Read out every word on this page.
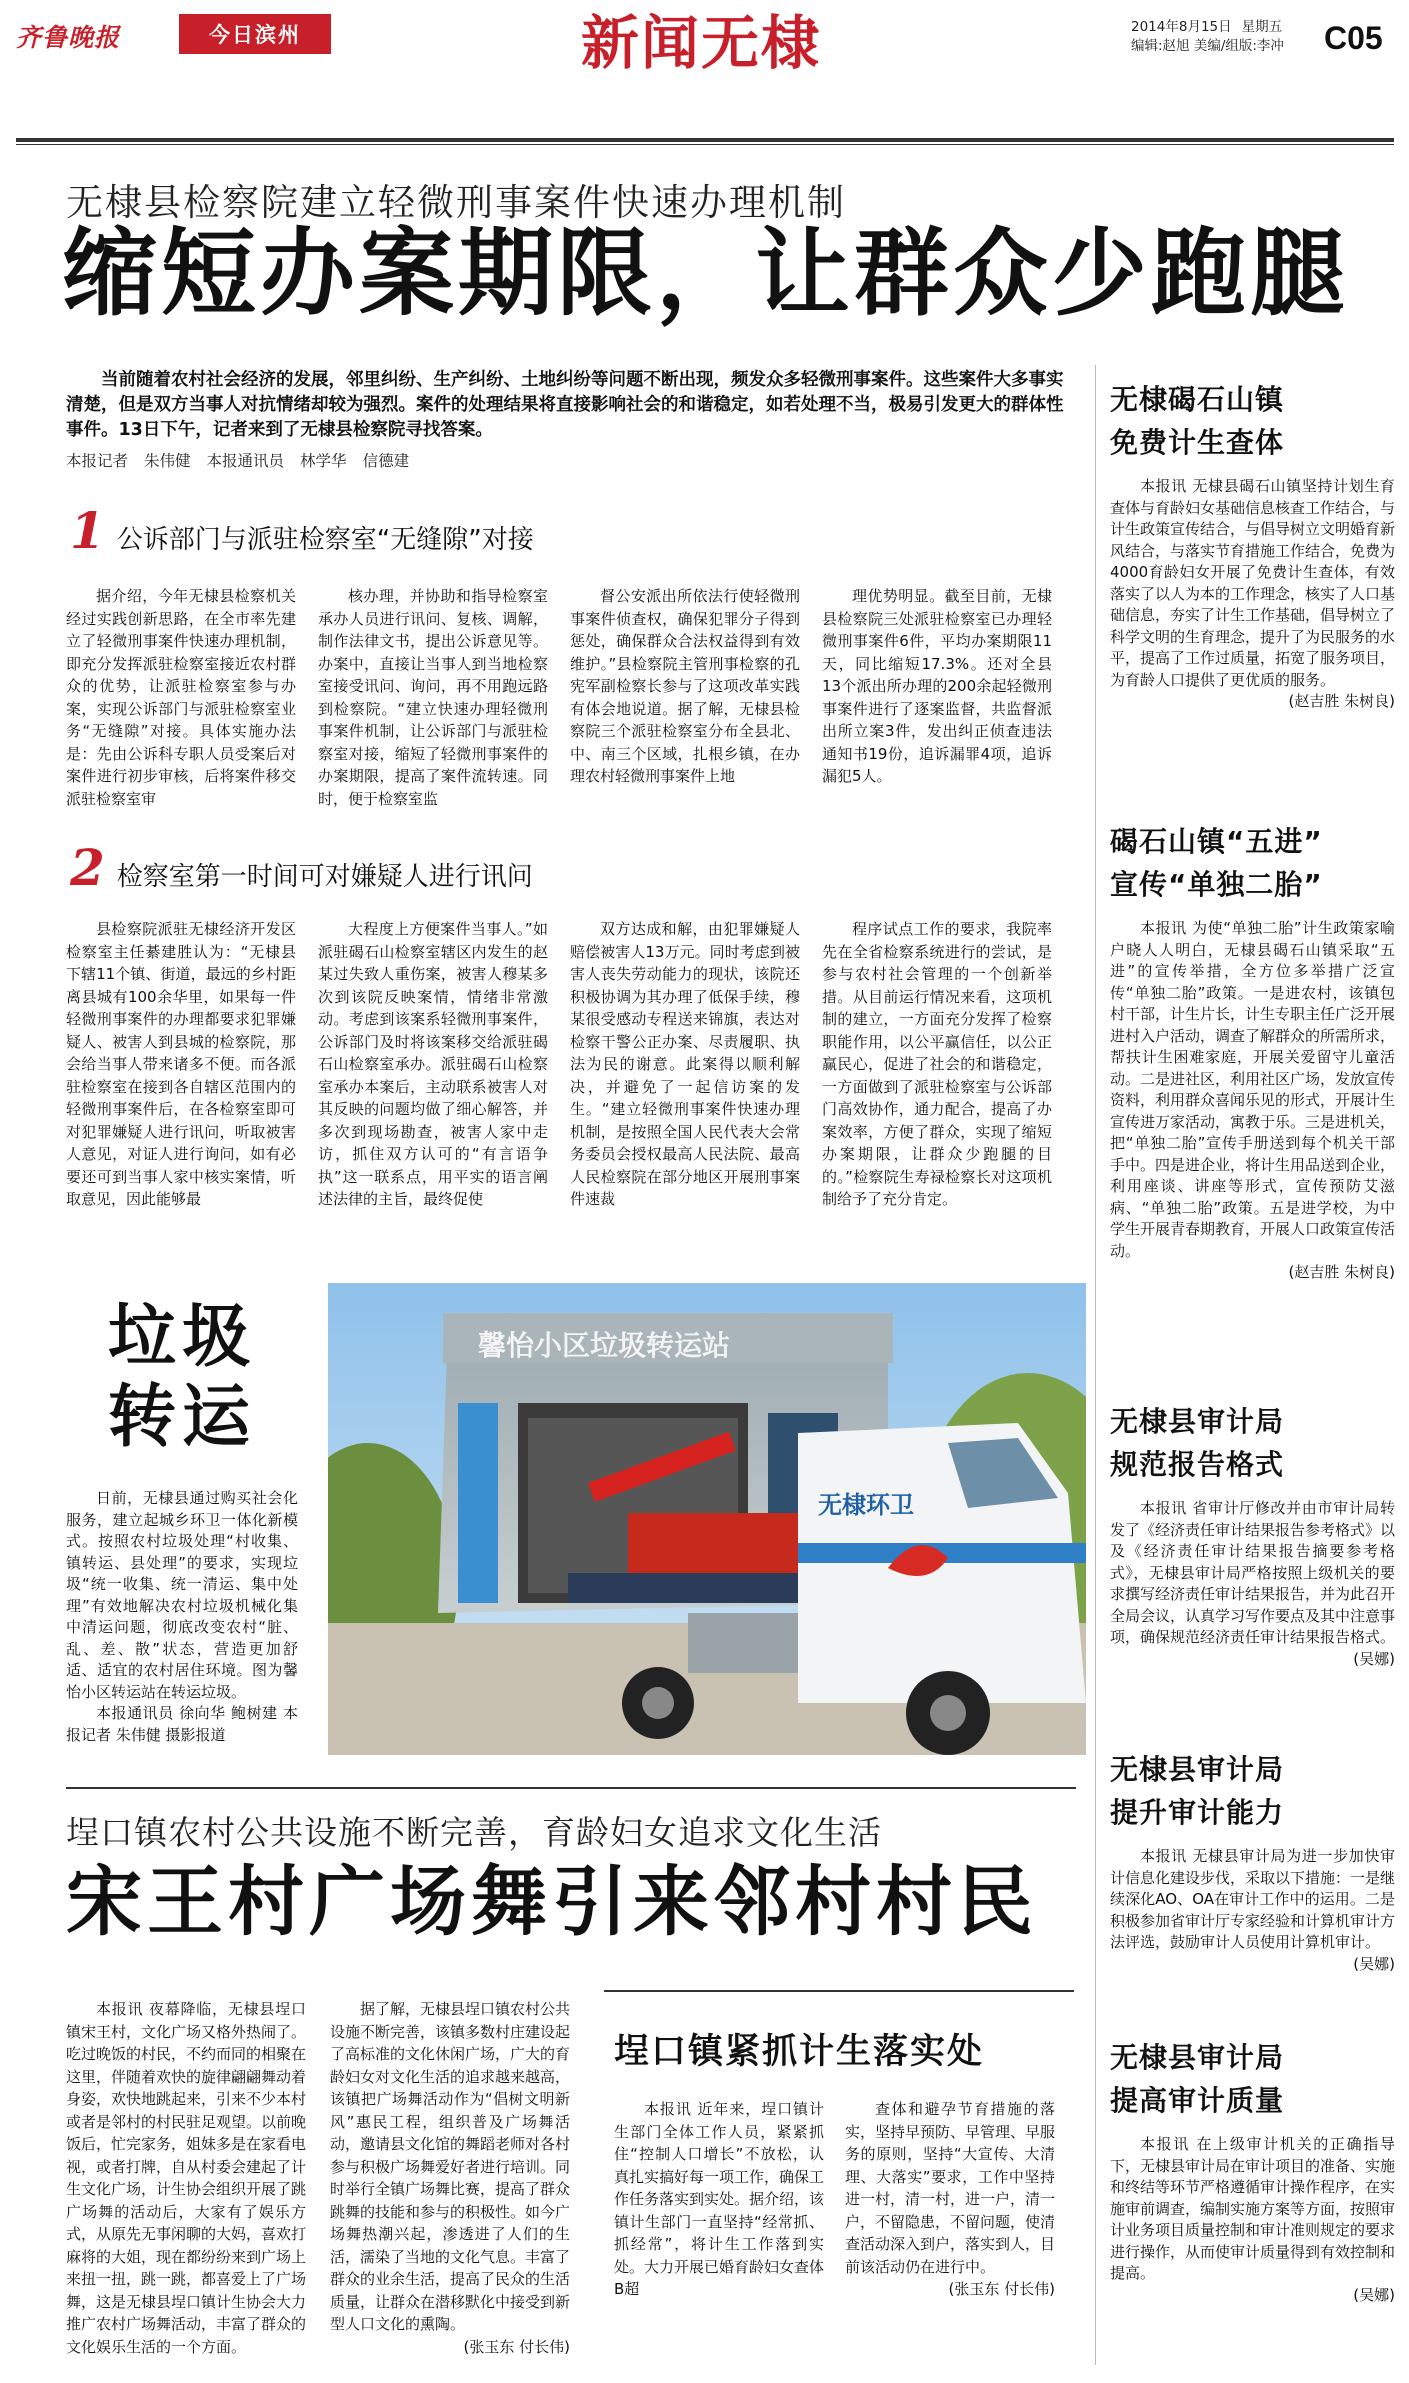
齐鲁晚报	今日滨州	新闻无棣	2014年8月15日 星期五
编辑:赵旭 美编/组版:李冲	C05
无棣县检察院建立轻微刑事案件快速办理机制
缩短办案期限，让群众少跑腿
当前随着农村社会经济的发展，邻里纠纷、生产纠纷、土地纠纷等问题不断出现，频发众多轻微刑事案件。这些案件大多事实清楚，但是双方当事人对抗情绪却较为强烈。案件的处理结果将直接影响社会的和谐稳定，如若处理不当，极易引发更大的群体性事件。13日下午，记者来到了无棣县检察院寻找答案。
本报记者 朱伟健 本报通讯员 林学华 信德建
1 公诉部门与派驻检察室“无缝隙”对接

据介绍，今年无棣县检察机关经过实践创新思路，在全市率先建立了轻微刑事案件快速办理机制，即充分发挥派驻检察室接近农村群众的优势，让派驻检察室参与办案，实现公诉部门与派驻检察室业务“无缝隙”对接。具体实施办法是：先由公诉科专职人员受案后对案件进行初步审核，后将案件移交派驻检察室审

核办理，并协助和指导检察室承办人员进行讯问、复核、调解，制作法律文书，提出公诉意见等。办案中，直接让当事人到当地检察室接受讯问、询问，再不用跑远路到检察院。“建立快速办理轻微刑事案件机制，让公诉部门与派驻检察室对接，缩短了轻微刑事案件的办案期限，提高了案件流转速。同时，便于检察室监

督公安派出所依法行使轻微刑事案件侦查权，确保犯罪分子得到惩处，确保群众合法权益得到有效维护。”县检察院主管刑事检察的孔宪军副检察长参与了这项改革实践有体会地说道。据了解，无棣县检察院三个派驻检察室分布全县北、中、南三个区域，扎根乡镇，在办理农村轻微刑事案件上地

理优势明显。截至目前，无棣县检察院三处派驻检察室已办理轻微刑事案件6件，平均办案期限11天，同比缩短17.3%。还对全县13个派出所办理的200余起轻微刑事案件进行了逐案监督，共监督派出所立案3件，发出纠正侦查违法通知书19份，追诉漏罪4项，追诉漏犯5人。

2 检察室第一时间可对嫌疑人进行讯问

县检察院派驻无棣经济开发区检察室主任綦建胜认为：“无棣县下辖11个镇、街道，最远的乡村距离县城有100余华里，如果每一件轻微刑事案件的办理都要求犯罪嫌疑人、被害人到县城的检察院，那会给当事人带来诸多不便。而各派驻检察室在接到各自辖区范围内的轻微刑事案件后，在各检察室即可对犯罪嫌疑人进行讯问，听取被害人意见，对证人进行询问，如有必要还可到当事人家中核实案情，听取意见，因此能够最

大程度上方便案件当事人。”如派驻碣石山检察室辖区内发生的赵某过失致人重伤案，被害人穆某多次到该院反映案情，情绪非常激动。考虑到该案系轻微刑事案件，公诉部门及时将该案移交给派驻碣石山检察室承办。派驻碣石山检察室承办本案后，主动联系被害人对其反映的问题均做了细心解答，并多次到现场勘查，被害人家中走访，抓住双方认可的“有言语争执”这一联系点，用平实的语言阐述法律的主旨，最终促使

双方达成和解，由犯罪嫌疑人赔偿被害人13万元。同时考虑到被害人丧失劳动能力的现状，该院还积极协调为其办理了低保手续，穆某很受感动专程送来锦旗，表达对检察干警公正办案、尽责履职、执法为民的谢意。此案得以顺利解决，并避免了一起信访案的发生。“建立轻微刑事案件快速办理机制，是按照全国人民代表大会常务委员会授权最高人民法院、最高人民检察院在部分地区开展刑事案件速裁

程序试点工作的要求，我院率先在全省检察系统进行的尝试，是参与农村社会管理的一个创新举措。从目前运行情况来看，这项机制的建立，一方面充分发挥了检察职能作用，以公平赢信任，以公正赢民心，促进了社会的和谐稳定，一方面做到了派驻检察室与公诉部门高效协作，通力配合，提高了办案效率，方便了群众，实现了缩短办案期限，让群众少跑腿的目的。”检察院生寿禄检察长对这项机制给予了充分肯定。

垃圾
转运

日前，无棣县通过购买社会化服务，建立起城乡环卫一体化新模式。按照农村垃圾处理“村收集、镇转运、县处理”的要求，实现垃圾“统一收集、统一清运、集中处理”有效地解决农村垃圾机械化集中清运问题，彻底改变农村“脏、乱、差、散”状态，营造更加舒适、适宜的农村居住环境。图为馨怡小区转运站在转运垃圾。

本报通讯员 徐向华 鲍树建 本报记者 朱伟健 摄影报道

馨怡小区垃圾转运站
无棣环卫
埕口镇农村公共设施不断完善，育龄妇女追求文化生活
宋王村广场舞引来邻村村民

本报讯 夜幕降临，无棣县埕口镇宋王村，文化广场又格外热闹了。吃过晚饭的村民，不约而同的相聚在这里，伴随着欢快的旋律翩翩舞动着身姿，欢快地跳起来，引来不少本村或者是邻村的村民驻足观望。以前晚饭后，忙完家务，姐妹多是在家看电视，或者打牌，自从村委会建起了计生文化广场，计生协会组织开展了跳广场舞的活动后，大家有了娱乐方式，从原先无事闲聊的大妈，喜欢打麻将的大姐，现在都纷纷来到广场上来扭一扭，跳一跳，都喜爱上了广场舞，这是无棣县埕口镇计生协会大力推广农村广场舞活动，丰富了群众的文化娱乐生活的一个方面。

据了解，无棣县埕口镇农村公共设施不断完善，该镇多数村庄建设起了高标准的文化休闲广场，广大的育龄妇女对文化生活的追求越来越高，该镇把广场舞活动作为“倡树文明新风”惠民工程，组织普及广场舞活动，邀请县文化馆的舞蹈老师对各村参与积极广场舞爱好者进行培训。同时举行全镇广场舞比赛，提高了群众跳舞的技能和参与的积极性。如今广场舞热潮兴起，渗透进了人们的生活，濡染了当地的文化气息。丰富了群众的业余生活，提高了民众的生活质量，让群众在潜移默化中接受到新型人口文化的熏陶。

(张玉东 付长伟)
埕口镇紧抓计生落实处

本报讯 近年来，埕口镇计生部门全体工作人员，紧紧抓住“控制人口增长”不放松，认真扎实搞好每一项工作，确保工作任务落实到实处。据介绍，该镇计生部门一直坚持“经常抓、抓经常”，将计生工作落到实处。大力开展已婚育龄妇女查体B超

查体和避孕节育措施的落实，坚持早预防、早管理、早服务的原则，坚持“大宣传、大清理、大落实”要求，工作中坚持进一村，清一村，进一户，清一户，不留隐患，不留问题，使清查活动深入到户，落实到人，目前该活动仍在进行中。

(张玉东 付长伟)
无棣碣石山镇
免费计生查体

本报讯 无棣县碣石山镇坚持计划生育查体与育龄妇女基础信息核查工作结合，与计生政策宣传结合，与倡导树立文明婚育新风结合，与落实节育措施工作结合，免费为4000育龄妇女开展了免费计生查体，有效落实了以人为本的工作理念，核实了人口基础信息，夯实了计生工作基础，倡导树立了科学文明的生育理念，提升了为民服务的水平，提高了工作过质量，拓宽了服务项目，为育龄人口提供了更优质的服务。

(赵吉胜 朱树良)
碣石山镇“五进”
宣传“单独二胎”

本报讯 为使“单独二胎”计生政策家喻户晓人人明白，无棣县碣石山镇采取“五进”的宣传举措，全方位多举措广泛宣传“单独二胎”政策。一是进农村，该镇包村干部，计生片长，计生专职主任广泛开展进村入户活动，调查了解群众的所需所求，帮扶计生困难家庭，开展关爱留守儿童活动。二是进社区，利用社区广场，发放宣传资料，利用群众喜闻乐见的形式，开展计生宣传进万家活动，寓教于乐。三是进机关，把“单独二胎”宣传手册送到每个机关干部手中。四是进企业，将计生用品送到企业，利用座谈、讲座等形式，宣传预防艾滋病、“单独二胎”政策。五是进学校，为中学生开展青春期教育，开展人口政策宣传活动。

(赵吉胜 朱树良)
无棣县审计局
规范报告格式

本报讯 省审计厅修改并由市审计局转发了《经济责任审计结果报告参考格式》以及《经济责任审计结果报告摘要参考格式》，无棣县审计局严格按照上级机关的要求撰写经济责任审计结果报告，并为此召开全局会议，认真学习写作要点及其中注意事项，确保规范经济责任审计结果报告格式。

(吴娜)
无棣县审计局
提升审计能力

本报讯 无棣县审计局为进一步加快审计信息化建设步伐，采取以下措施：一是继续深化AO、OA在审计工作中的运用。二是积极参加省审计厅专家经验和计算机审计方法评选，鼓励审计人员使用计算机审计。

(吴娜)
无棣县审计局
提高审计质量

本报讯 在上级审计机关的正确指导下，无棣县审计局在审计项目的准备、实施和终结等环节严格遵循审计操作程序，在实施审前调查，编制实施方案等方面，按照审计业务项目质量控制和审计准则规定的要求进行操作，从而使审计质量得到有效控制和提高。

(吴娜)
